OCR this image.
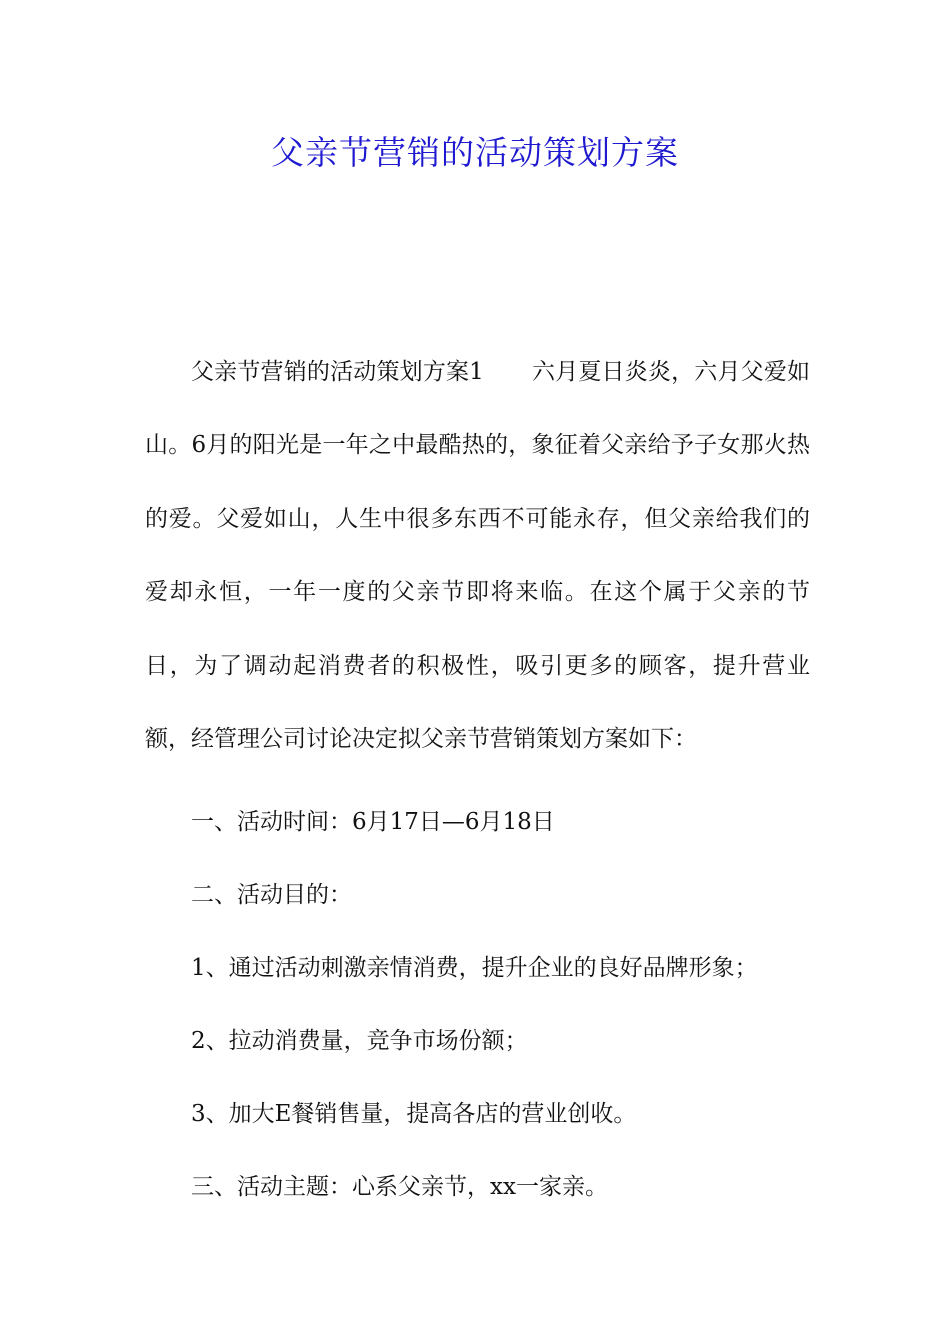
父亲节营销的活动策划方案

父亲节营销的活动策划方案1 六月夏日炎炎，六月父爱如山。6月的阳光是一年之中最酷热的，象征着父亲给予子女那火热的爱。父爱如山，人生中很多东西不可能永存，但父亲给我们的爱却永恒，一年一度的父亲节即将来临。在这个属于父亲的节日，为了调动起消费者的积极性，吸引更多的顾客，提升营业额，经管理公司讨论决定拟父亲节营销策划方案如下：

一、活动时间：6月17日—6月18日

二、活动目的：

1、通过活动刺激亲情消费，提升企业的良好品牌形象；

2、拉动消费量，竞争市场份额；

3、加大E餐销售量，提高各店的营业创收。

三、活动主题：心系父亲节，xx一家亲。
